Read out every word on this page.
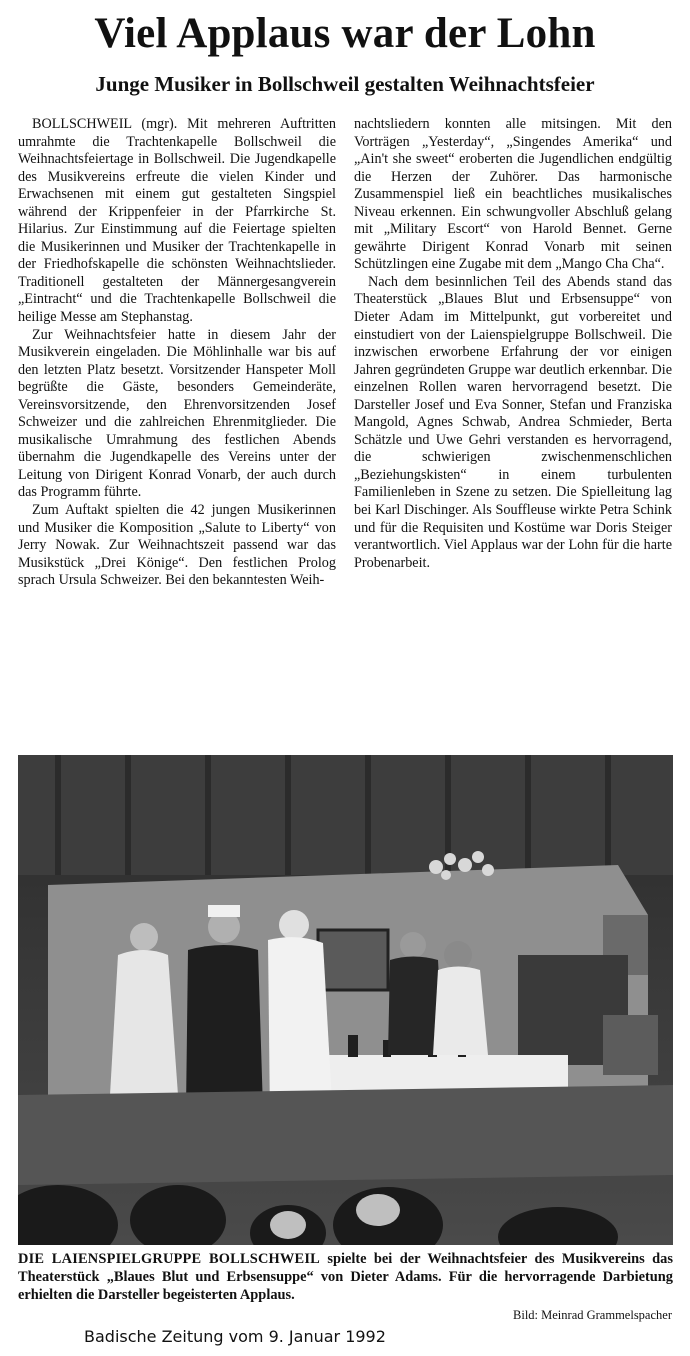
Viel Applaus war der Lohn
Junge Musiker in Bollschweil gestalten Weihnachtsfeier

BOLLSCHWEIL (mgr). Mit mehreren Auftritten umrahmte die Trachtenkapelle Bollschweil die Weihnachtsfeiertage in Bollschweil. Die Jugendkapelle des Musikvereins erfreute die vielen Kinder und Erwachsenen mit einem gut gestalteten Singspiel während der Krippenfeier in der Pfarrkirche St. Hilarius. Zur Einstimmung auf die Feiertage spielten die Musikerinnen und Musiker der Trachtenkapelle in der Friedhofskapelle die schönsten Weihnachtslieder. Traditionell gestalteten der Männergesangverein „Eintracht“ und die Trachtenkapelle Bollschweil die heilige Messe am Stephanstag.

Zur Weihnachtsfeier hatte in diesem Jahr der Musikverein eingeladen. Die Möhlinhalle war bis auf den letzten Platz besetzt. Vorsitzender Hanspeter Moll begrüßte die Gäste, besonders Gemeinderäte, Vereinsvorsitzende, den Ehrenvorsitzenden Josef Schweizer und die zahlreichen Ehrenmitglieder. Die musikalische Umrahmung des festlichen Abends übernahm die Jugendkapelle des Vereins unter der Leitung von Dirigent Konrad Vonarb, der auch durch das Programm führte.

Zum Auftakt spielten die 42 jungen Musikerinnen und Musiker die Komposition „Salute to Liberty“ von Jerry Nowak. Zur Weihnachtszeit passend war das Musikstück „Drei Könige“. Den festlichen Prolog sprach Ursula Schweizer. Bei den bekanntesten Weih-

nachtsliedern konnten alle mitsingen. Mit den Vorträgen „Yesterday“, „Singendes Amerika“ und „Ain't she sweet“ eroberten die Jugendlichen endgültig die Herzen der Zuhörer. Das harmonische Zusammenspiel ließ ein beachtliches musikalisches Niveau erkennen. Ein schwungvoller Abschluß gelang mit „Military Escort“ von Harold Bennet. Gerne gewährte Dirigent Konrad Vonarb mit seinen Schützlingen eine Zugabe mit dem „Mango Cha Cha“.

Nach dem besinnlichen Teil des Abends stand das Theaterstück „Blaues Blut und Erbsensuppe“ von Dieter Adam im Mittelpunkt, gut vorbereitet und einstudiert von der Laienspielgruppe Bollschweil. Die inzwischen erworbene Erfahrung der vor einigen Jahren gegründeten Gruppe war deutlich erkennbar. Die einzelnen Rollen waren hervorragend besetzt. Die Darsteller Josef und Eva Sonner, Stefan und Franziska Mangold, Agnes Schwab, Andrea Schmieder, Berta Schätzle und Uwe Gehri verstanden es hervorragend, die schwierigen zwischenmenschlichen „Beziehungskisten“ in einem turbulenten Familienleben in Szene zu setzen. Die Spielleitung lag bei Karl Dischinger. Als Souffleuse wirkte Petra Schink und für die Requisiten und Kostüme war Doris Steiger verantwortlich. Viel Applaus war der Lohn für die harte Probenarbeit.

DIE LAIENSPIELGRUPPE BOLLSCHWEIL spielte bei der Weihnachtsfeier des Musikvereins das Theaterstück „Blaues Blut und Erbsensuppe“ von Dieter Adams. Für die hervorragende Darbietung erhielten die Darsteller begeisterten Applaus.
Bild: Meinrad Grammelspacher
Badische Zeitung vom 9. Januar 1992
